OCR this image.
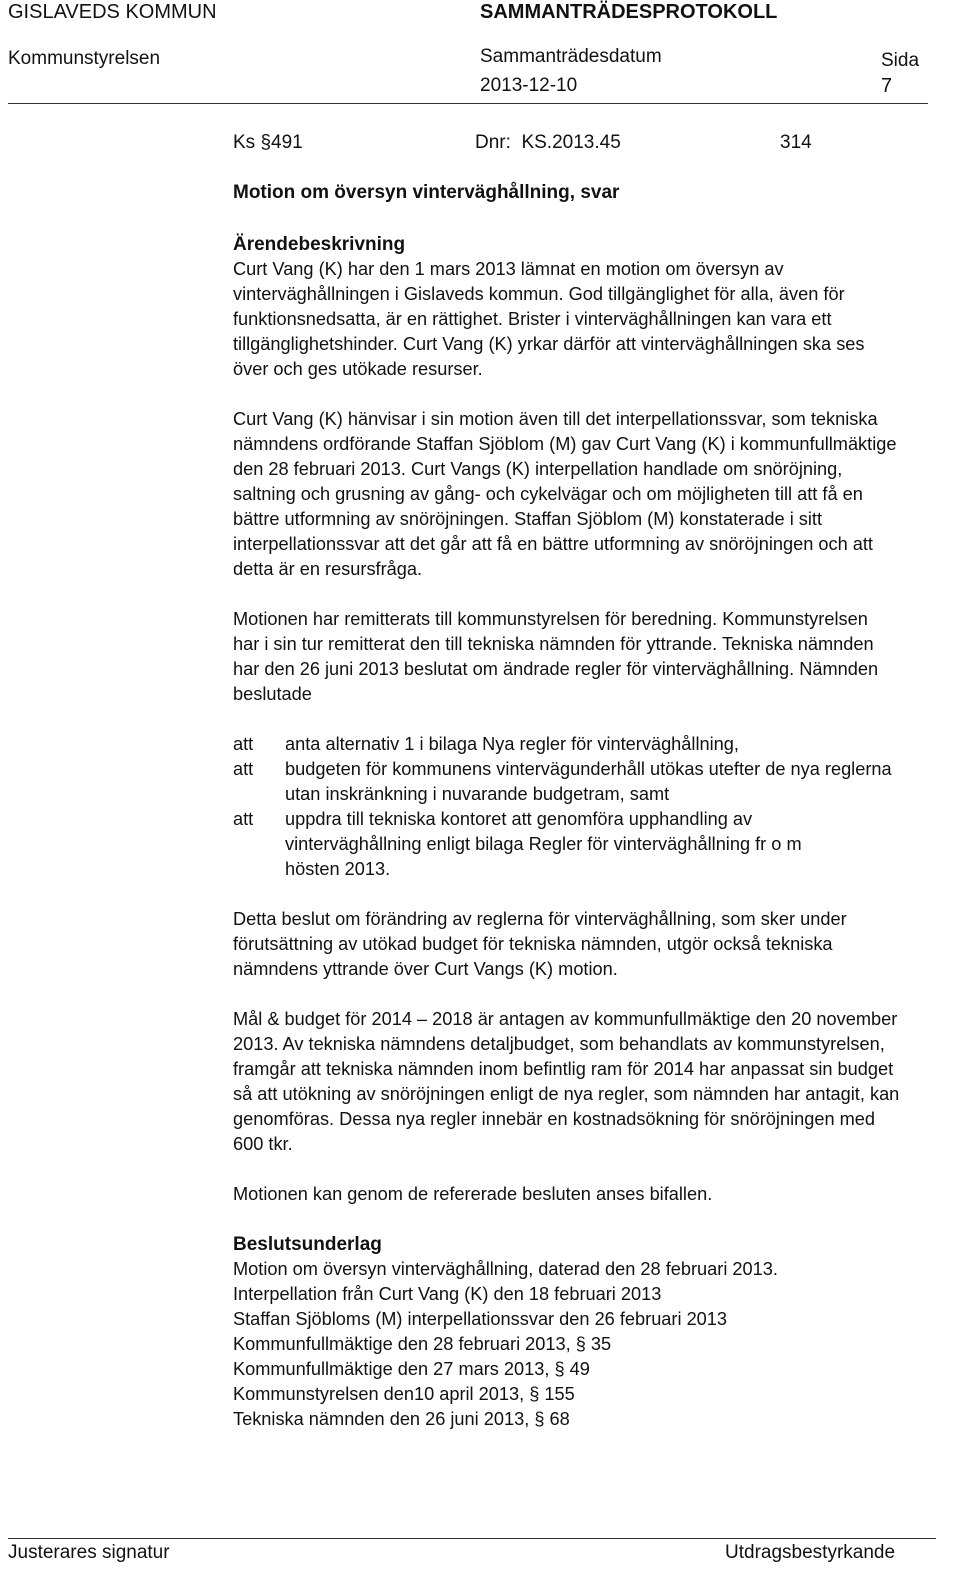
GISLAVEDS KOMMUN	SAMMANTRÄDESPROTOKOLL
Kommunstyrelsen	Sammanträdesdatum
2013-12-10
Sida
7
Ks §491	Dnr:  KS.2013.45	314
Motion om översyn vinterväghållning, svar
Ärendebeskrivning

Curt Vang (K) har den 1 mars 2013 lämnat en motion om översyn av
vinterväghållningen i Gislaveds kommun. God tillgänglighet för alla, även för
funktionsnedsatta, är en rättighet. Brister i vinterväghållningen kan vara ett
tillgänglighetshinder. Curt Vang (K) yrkar därför att vinterväghållningen ska ses
över och ges utökade resurser.

Curt Vang (K) hänvisar i sin motion även till det interpellationssvar, som tekniska
nämndens ordförande Staffan Sjöblom (M) gav Curt Vang (K) i kommunfullmäktige
den 28 februari 2013. Curt Vangs (K) interpellation handlade om snöröjning,
saltning och grusning av gång- och cykelvägar och om möjligheten till att få en
bättre utformning av snöröjningen. Staffan Sjöblom (M) konstaterade i sitt
interpellationssvar att det går att få en bättre utformning av snöröjningen och att
detta är en resursfråga.

Motionen har remitterats till kommunstyrelsen för beredning. Kommunstyrelsen
har i sin tur remitterat den till tekniska nämnden för yttrande. Tekniska nämnden
har den 26 juni 2013 beslutat om ändrade regler för vinterväghållning. Nämnden
beslutade

att	anta alternativ 1 i bilaga Nya regler för vinterväghållning,
att	budgeten för kommunens vintervägunderhåll utökas utefter de nya reglerna
utan inskränkning i nuvarande budgetram, samt
att	uppdra till tekniska kontoret att genomföra upphandling av
vinterväghållning enligt bilaga Regler för vinterväghållning fr o m
hösten 2013.

Detta beslut om förändring av reglerna för vinterväghållning, som sker under
förutsättning av utökad budget för tekniska nämnden, utgör också tekniska
nämndens yttrande över Curt Vangs (K) motion.

Mål & budget för 2014 – 2018 är antagen av kommunfullmäktige den 20 november
2013. Av tekniska nämndens detaljbudget, som behandlats av kommunstyrelsen,
framgår att tekniska nämnden inom befintlig ram för 2014 har anpassat sin budget
så att utökning av snöröjningen enligt de nya regler, som nämnden har antagit, kan
genomföras. Dessa nya regler innebär en kostnadsökning för snöröjningen med
600 tkr.

Motionen kan genom de refererade besluten anses bifallen.

Beslutsunderlag
Motion om översyn vinterväghållning, daterad den 28 februari 2013.
Interpellation från Curt Vang (K) den 18 februari 2013
Staffan Sjöbloms (M) interpellationssvar den 26 februari 2013
Kommunfullmäktige den 28 februari 2013, § 35
Kommunfullmäktige den 27 mars 2013, § 49
Kommunstyrelsen den10 april 2013, § 155
Tekniska nämnden den 26 juni 2013, § 68
Justerares signatur	Utdragsbestyrkande
